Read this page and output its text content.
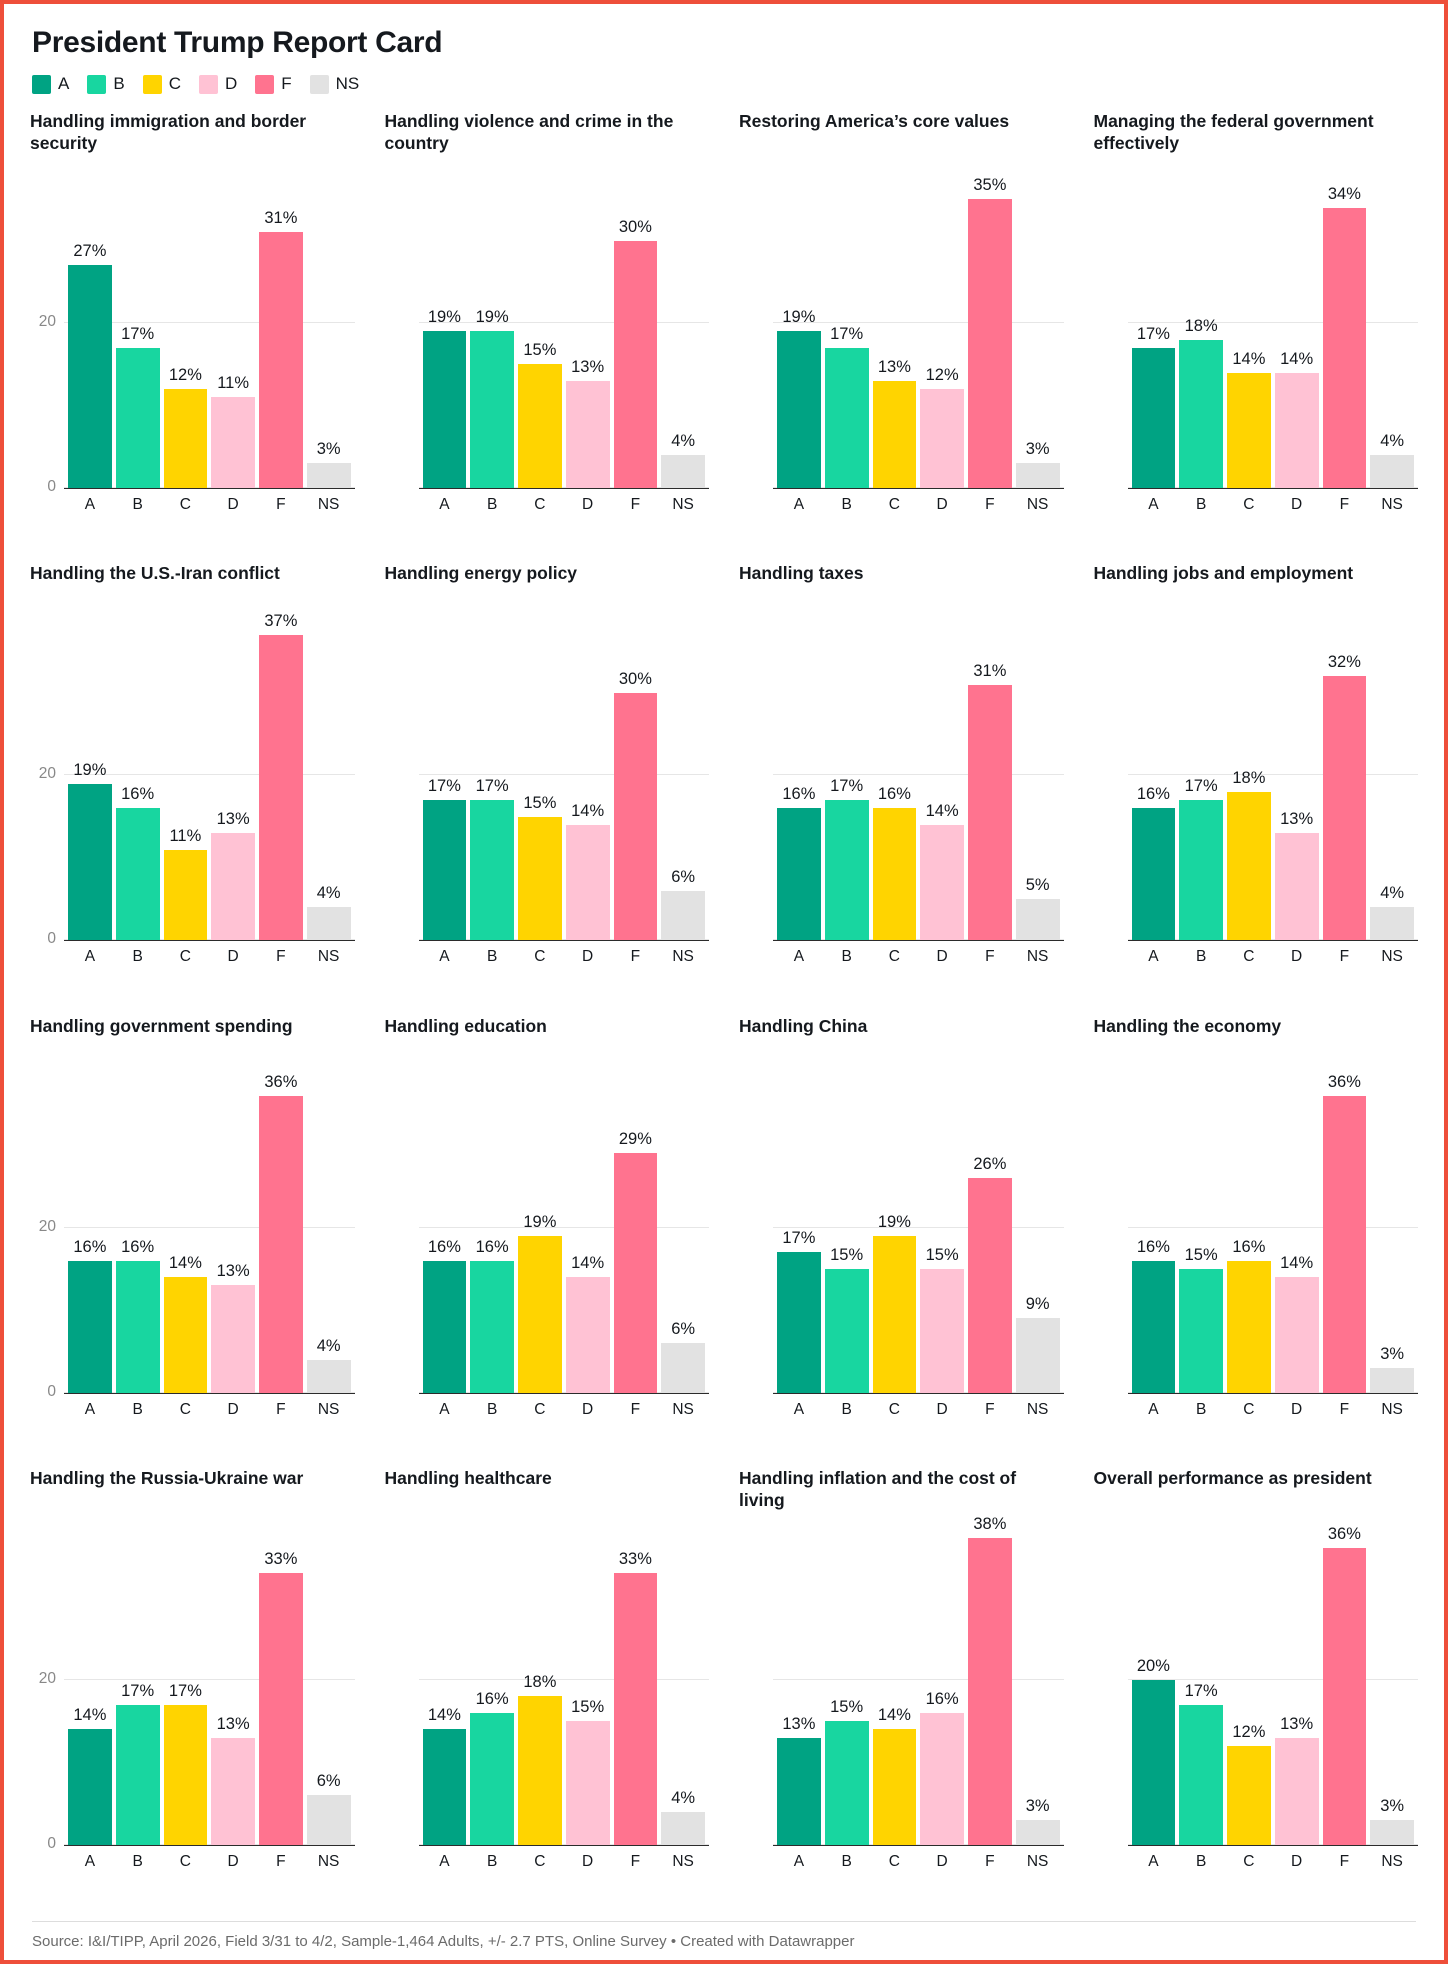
President Trump Report Card
A	B	C	D	F	NS
Handling immigration and border security
0
20
27%
17%
12% 11%
31%
3%
A	B	C	D	F	NS
Handling violence and crime in the country
19% 19%
15%
13%
30%
4%
A	B	C	D	F	NS
Restoring America’s core values
19%
17%
13% 12%
35%
3%
A	B	C	D	F	NS
Managing the federal government effectively
17% 18%
14% 14%
34%
4%
A	B	C	D	F	NS
Handling the U.S.-Iran conflict
0
20	19%
16%
11%
13%
37%
4%
A	B	C	D	F	NS
Handling energy policy
17% 17%
15% 14%
30%
6%
A	B	C	D	F	NS
Handling taxes
16% 17% 16%
14%
31%
5%
A	B	C	D	F	NS
Handling jobs and employment
16% 17% 18%
13%
32%
4%
A	B	C	D	F	NS
Handling government spending
0
20
16% 16%
14% 13%
36%
4%
A	B	C	D	F	NS
Handling education
16% 16%
19%
14%
29%
6%
A	B	C	D	F	NS
Handling China
17%
15%
19%
15%
26%
9%
A	B	C	D	F	NS
Handling the economy
16% 15% 16%
14%
36%
3%
A	B	C	D	F	NS
Handling the Russia-Ukraine war
0
20
14%
17% 17%
13%
33%
6%
A	B	C	D	F	NS
Handling healthcare
14%
16%
18%
15%
33%
4%
A	B	C	D	F	NS
Handling inflation and the cost of living
13%
15% 14%
16%
38%
3%
A	B	C	D	F	NS
Overall performance as president
20%
17%
12% 13%
36%
3%
A	B	C	D	F	NS
Source: I&I/TIPP, April 2026, Field 3/31 to 4/2, Sample-1,464 Adults, +/- 2.7 PTS, Online Survey • Created with Datawrapper
